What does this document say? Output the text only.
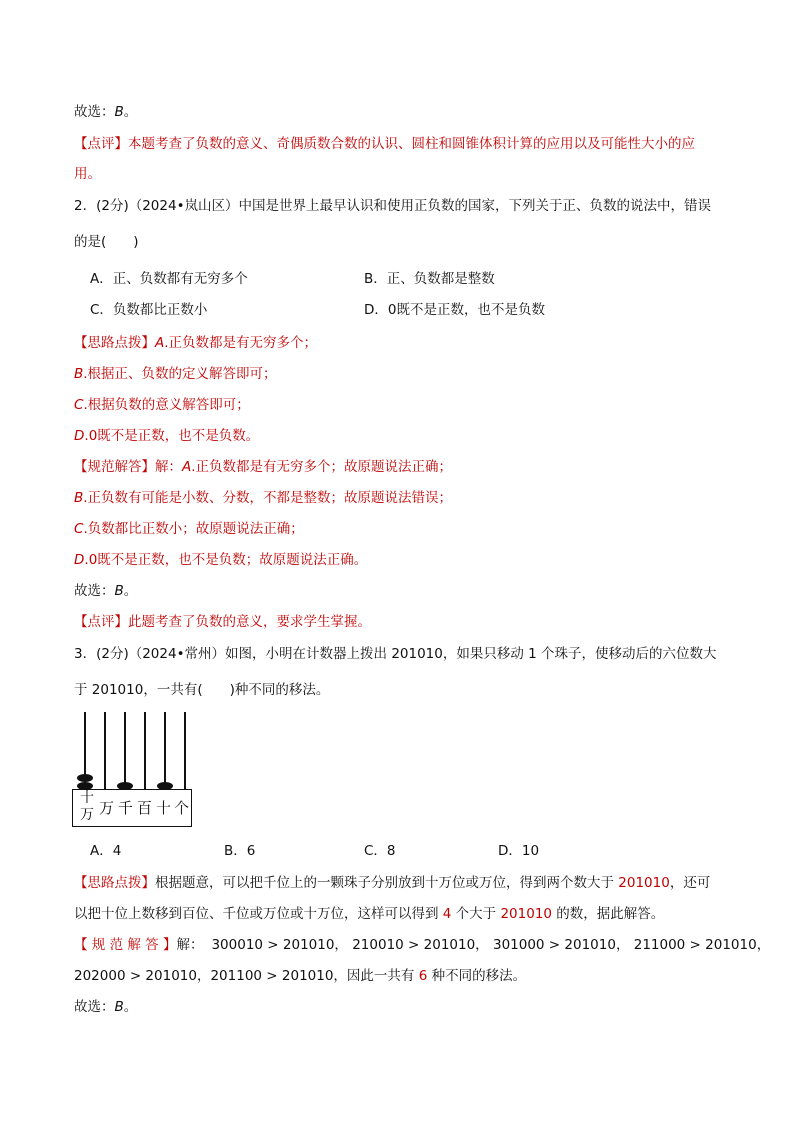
故选：B。
【点评】本题考查了负数的意义、奇偶质数合数的认识、圆柱和圆锥体积计算的应用以及可能性大小的应
用。
2．(2分)（2024•岚山区）中国是世界上最早认识和使用正负数的国家，下列关于正、负数的说法中，错误
的是(　　)
A．正、负数都有无穷多个	B．正、负数都是整数
C．负数都比正数小	D．0既不是正数，也不是负数
【思路点拨】A.正负数都是有无穷多个；
B.根据正、负数的定义解答即可；
C.根据负数的意义解答即可；
D.0既不是正数，也不是负数。
【规范解答】解：A.正负数都是有无穷多个；故原题说法正确；
B.正负数有可能是小数、分数，不都是整数；故原题说法错误；
C.负数都比正数小；故原题说法正确；
D.0既不是正数，也不是负数；故原题说法正确。
故选：B。
【点评】此题考查了负数的意义，要求学生掌握。
3．(2分)（2024•常州）如图，小明在计数器上拨出 201010，如果只移动 1 个珠子，使移动后的六位数大
于 201010，一共有(　　)种不同的移法。
十
万 万 千 百 十 个
A．4	B．6	C．8	D．10
【思路点拨】根据题意，可以把千位上的一颗珠子分别放到十万位或万位，得到两个数大于 201010，还可
以把十位上数移到百位、千位或万位或十万位，这样可以得到 4 个大于 201010 的数，据此解答。
【 规 范 解 答 】解： 300010 > 201010， 210010 > 201010， 301000 > 201010， 211000 > 201010，
202000 > 201010，201100 > 201010，因此一共有 6 种不同的移法。
故选：B。
